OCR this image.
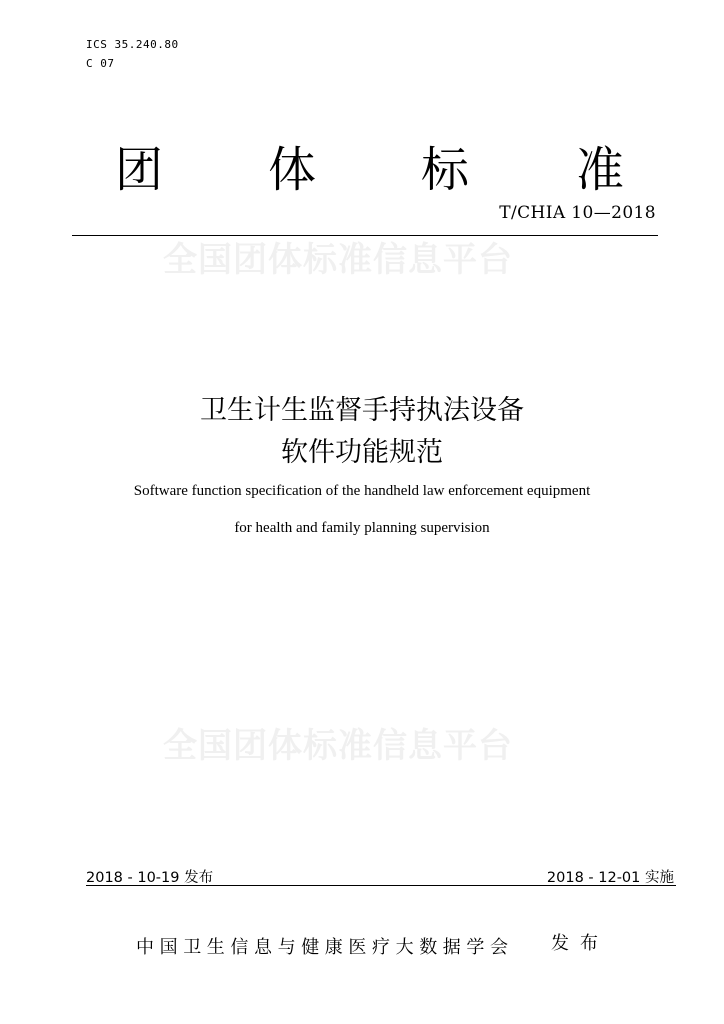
ICS 35.240.80
C 07
团 体 标 准
T/CHIA 10—2018
全国团体标准信息平台
全国团体标准信息平台
卫生计生监督手持执法设备
软件功能规范
Software function specification of the handheld law enforcement equipment
for health and family planning supervision
2018 - 10-19 发布	2018 - 12-01 实施
中国卫生信息与健康医疗大数据学会 发布
